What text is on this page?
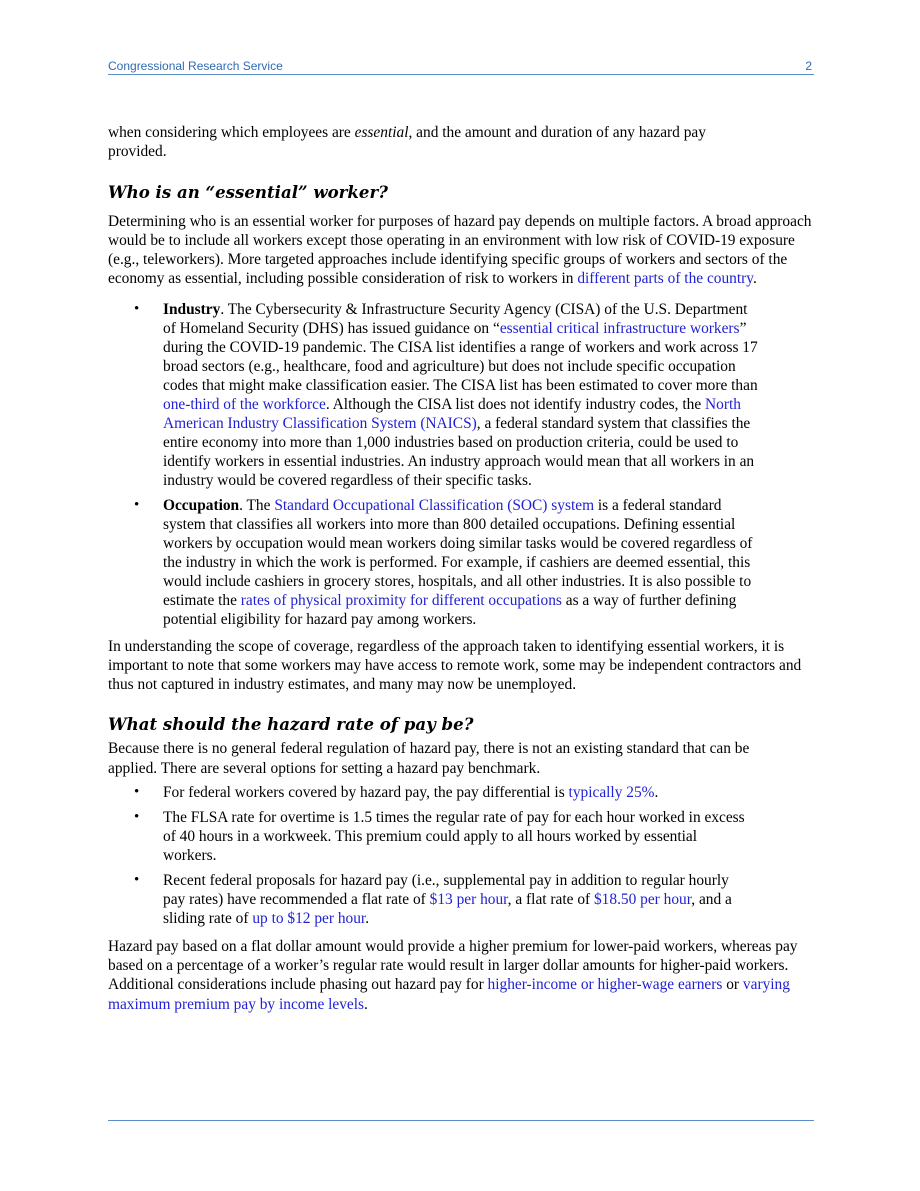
Congressional Research Service	2

when considering which employees are essential, and the amount and duration of any hazard pay provided.

Who is an “essential” worker?

Determining who is an essential worker for purposes of hazard pay depends on multiple factors. A broad approach would be to include all workers except those operating in an environment with low risk of COVID-19 exposure (e.g., teleworkers). More targeted approaches include identifying specific groups of workers and sectors of the economy as essential, including possible consideration of risk to workers in different parts of the country.

• Industry. The Cybersecurity & Infrastructure Security Agency (CISA) of the U.S. Department of Homeland Security (DHS) has issued guidance on “essential critical infrastructure workers” during the COVID-19 pandemic. The CISA list identifies a range of workers and work across 17 broad sectors (e.g., healthcare, food and agriculture) but does not include specific occupation codes that might make classification easier. The CISA list has been estimated to cover more than one-third of the workforce. Although the CISA list does not identify industry codes, the North American Industry Classification System (NAICS), a federal standard system that classifies the entire economy into more than 1,000 industries based on production criteria, could be used to identify workers in essential industries. An industry approach would mean that all workers in an industry would be covered regardless of their specific tasks.
• Occupation. The Standard Occupational Classification (SOC) system is a federal standard system that classifies all workers into more than 800 detailed occupations. Defining essential workers by occupation would mean workers doing similar tasks would be covered regardless of the industry in which the work is performed. For example, if cashiers are deemed essential, this would include cashiers in grocery stores, hospitals, and all other industries. It is also possible to estimate the rates of physical proximity for different occupations as a way of further defining potential eligibility for hazard pay among workers.

In understanding the scope of coverage, regardless of the approach taken to identifying essential workers, it is important to note that some workers may have access to remote work, some may be independent contractors and thus not captured in industry estimates, and many may now be unemployed.

What should the hazard rate of pay be?

Because there is no general federal regulation of hazard pay, there is not an existing standard that can be applied. There are several options for setting a hazard pay benchmark.

• For federal workers covered by hazard pay, the pay differential is typically 25%.
• The FLSA rate for overtime is 1.5 times the regular rate of pay for each hour worked in excess of 40 hours in a workweek. This premium could apply to all hours worked by essential workers.
• Recent federal proposals for hazard pay (i.e., supplemental pay in addition to regular hourly pay rates) have recommended a flat rate of $13 per hour, a flat rate of $18.50 per hour, and a sliding rate of up to $12 per hour.

Hazard pay based on a flat dollar amount would provide a higher premium for lower-paid workers, whereas pay based on a percentage of a worker’s regular rate would result in larger dollar amounts for higher-paid workers. Additional considerations include phasing out hazard pay for higher-income or higher-wage earners or varying maximum premium pay by income levels.
